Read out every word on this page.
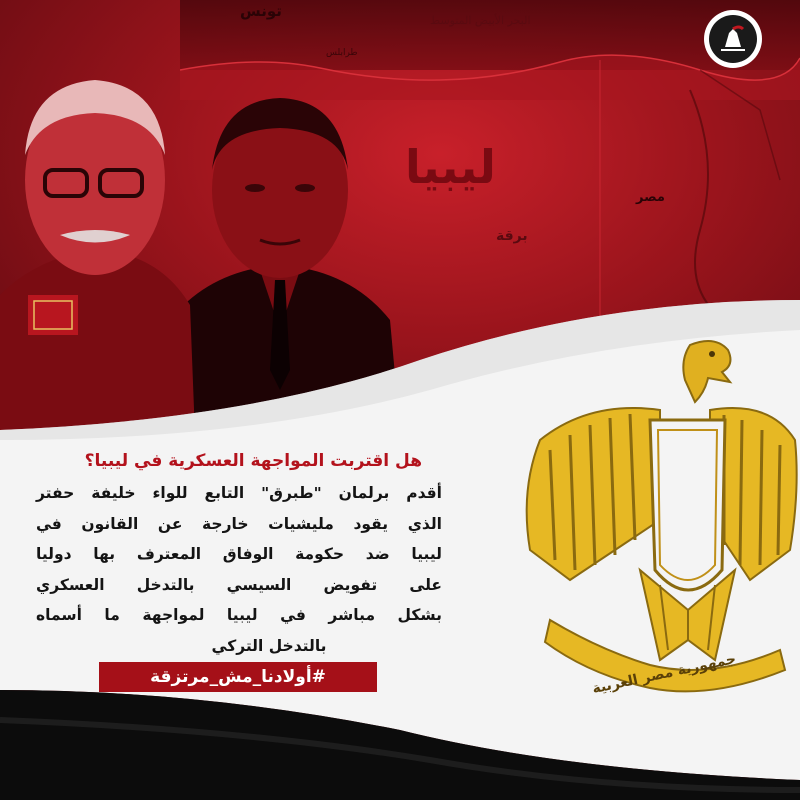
تونس
البحر الأبيض المتوسط
طرابلس
ليبيا
مصر
برقة
جمهورية مصر العربية
هل اقتربت المواجهة العسكرية في ليبيا؟
أقدم برلمان "طبرق" التابع للواء خليفة حفتر
الذي يقود مليشيات خارجة عن القانون في
ليبيا ضد حكومة الوفاق المعترف بها دوليا
على تفويض السيسي بالتدخل العسكري
بشكل مباشر في ليبيا لمواجهة ما أسماه
بالتدخل التركي
#أولادنا_مش_مرتزقة
